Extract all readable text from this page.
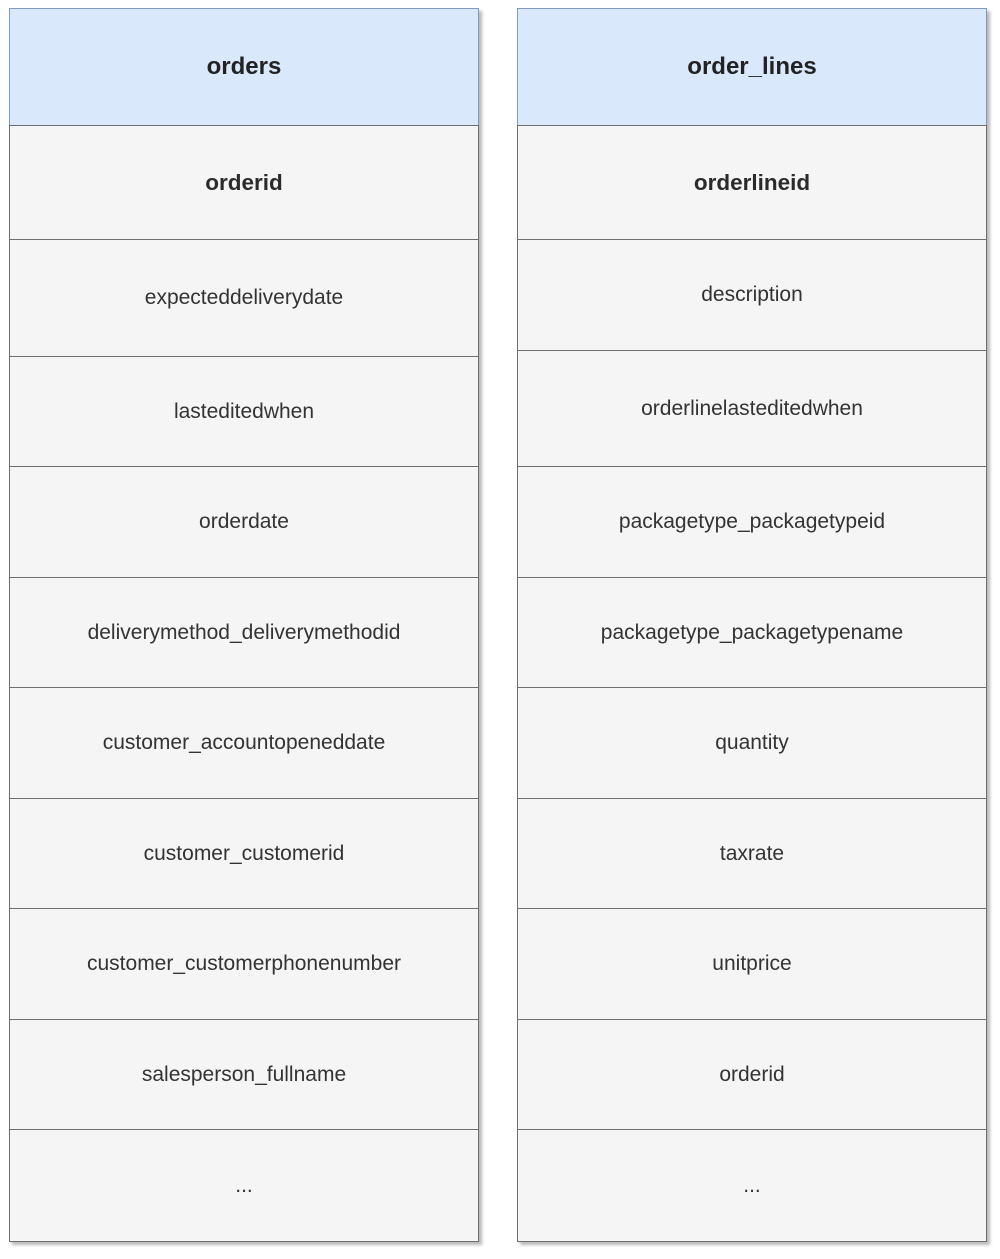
orders
orderid
expecteddeliverydate
lasteditedwhen
orderdate
deliverymethod_deliverymethodid
customer_accountopeneddate
customer_customerid
customer_customerphonenumber
salesperson_fullname
...
order_lines
orderlineid
description
orderlinelasteditedwhen
packagetype_packagetypeid
packagetype_packagetypename
quantity
taxrate
unitprice
orderid
...
